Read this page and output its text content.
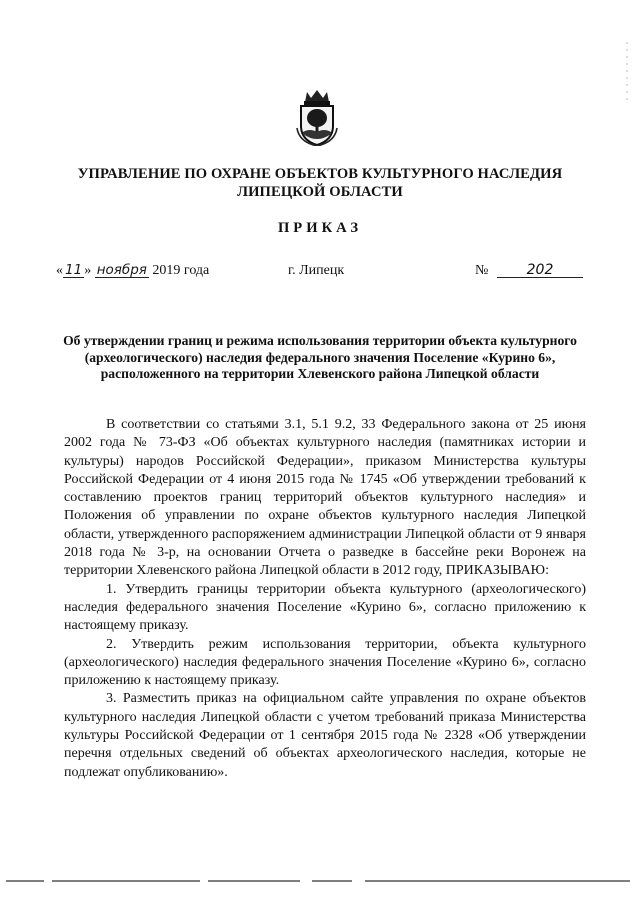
УПРАВЛЕНИЕ ПО ОХРАНЕ ОБЪЕКТОВ КУЛЬТУРНОГО НАСЛЕДИЯ
ЛИПЕЦКОЙ ОБЛАСТИ
ПРИКАЗ
« 11 » ноября 2019 года	г. Липецк	№	202
Об утверждении границ и режима использования территории объекта культурного (археологического) наследия федерального значения Поселение «Курино 6», расположенного на территории Хлевенского района Липецкой области

В соответствии со статьями 3.1, 5.1 9.2, 33 Федерального закона от 25 июня 2002 года № 73-ФЗ «Об объектах культурного наследия (памятниках истории и культуры) народов Российской Федерации», приказом Министерства культуры Российской Федерации от 4 июня 2015 года № 1745 «Об утверждении требований к составлению проектов границ территорий объектов культурного наследия» и Положения об управлении по охране объектов культурного наследия Липецкой области, утвержденного распоряжением администрации Липецкой области от 9 января 2018 года № 3-р, на основании Отчета о разведке в бассейне реки Воронеж на территории Хлевенского района Липецкой области в 2012 году, ПРИКАЗЫВАЮ:

1. Утвердить границы территории объекта культурного (археологического) наследия федерального значения Поселение «Курино 6», согласно приложению к настоящему приказу.

2. Утвердить режим использования территории, объекта культурного (археологического) наследия федерального значения Поселение «Курино 6», согласно приложению к настоящему приказу.

3. Разместить приказ на официальном сайте управления по охране объектов культурного наследия Липецкой области с учетом требований приказа Министерства культуры Российской Федерации от 1 сентября 2015 года № 2328 «Об утверждении перечня отдельных сведений об объектах археологического наследия, которые не подлежат опубликованию».
